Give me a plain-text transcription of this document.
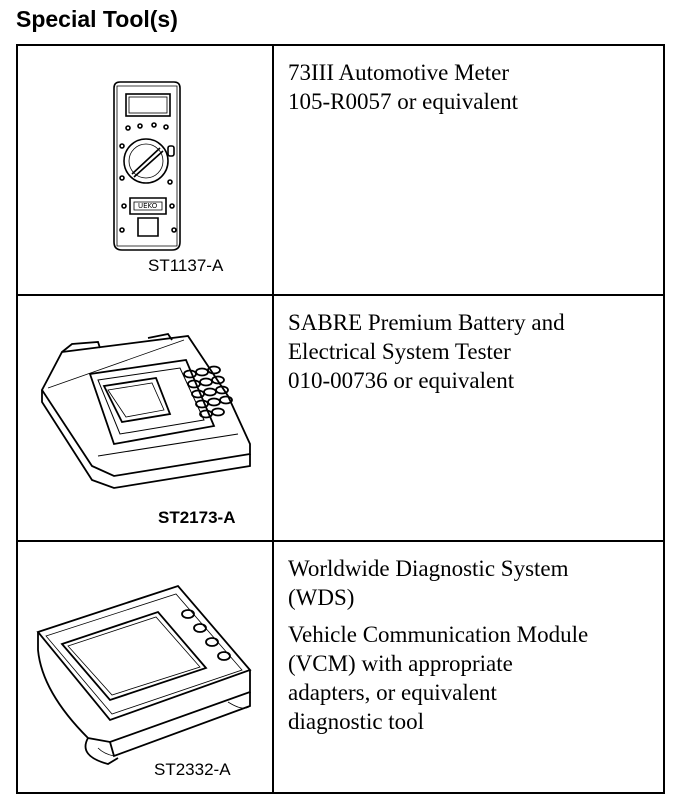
Special Tool(s)
UEKO
ST1137-A
73III Automotive Meter
105-R0057 or equivalent
ST2173-A
SABRE Premium Battery and
Electrical System Tester
010-00736 or equivalent
ST2332-A

Worldwide Diagnostic System
(WDS)

Vehicle Communication Module
(VCM) with appropriate
adapters, or equivalent
diagnostic tool
